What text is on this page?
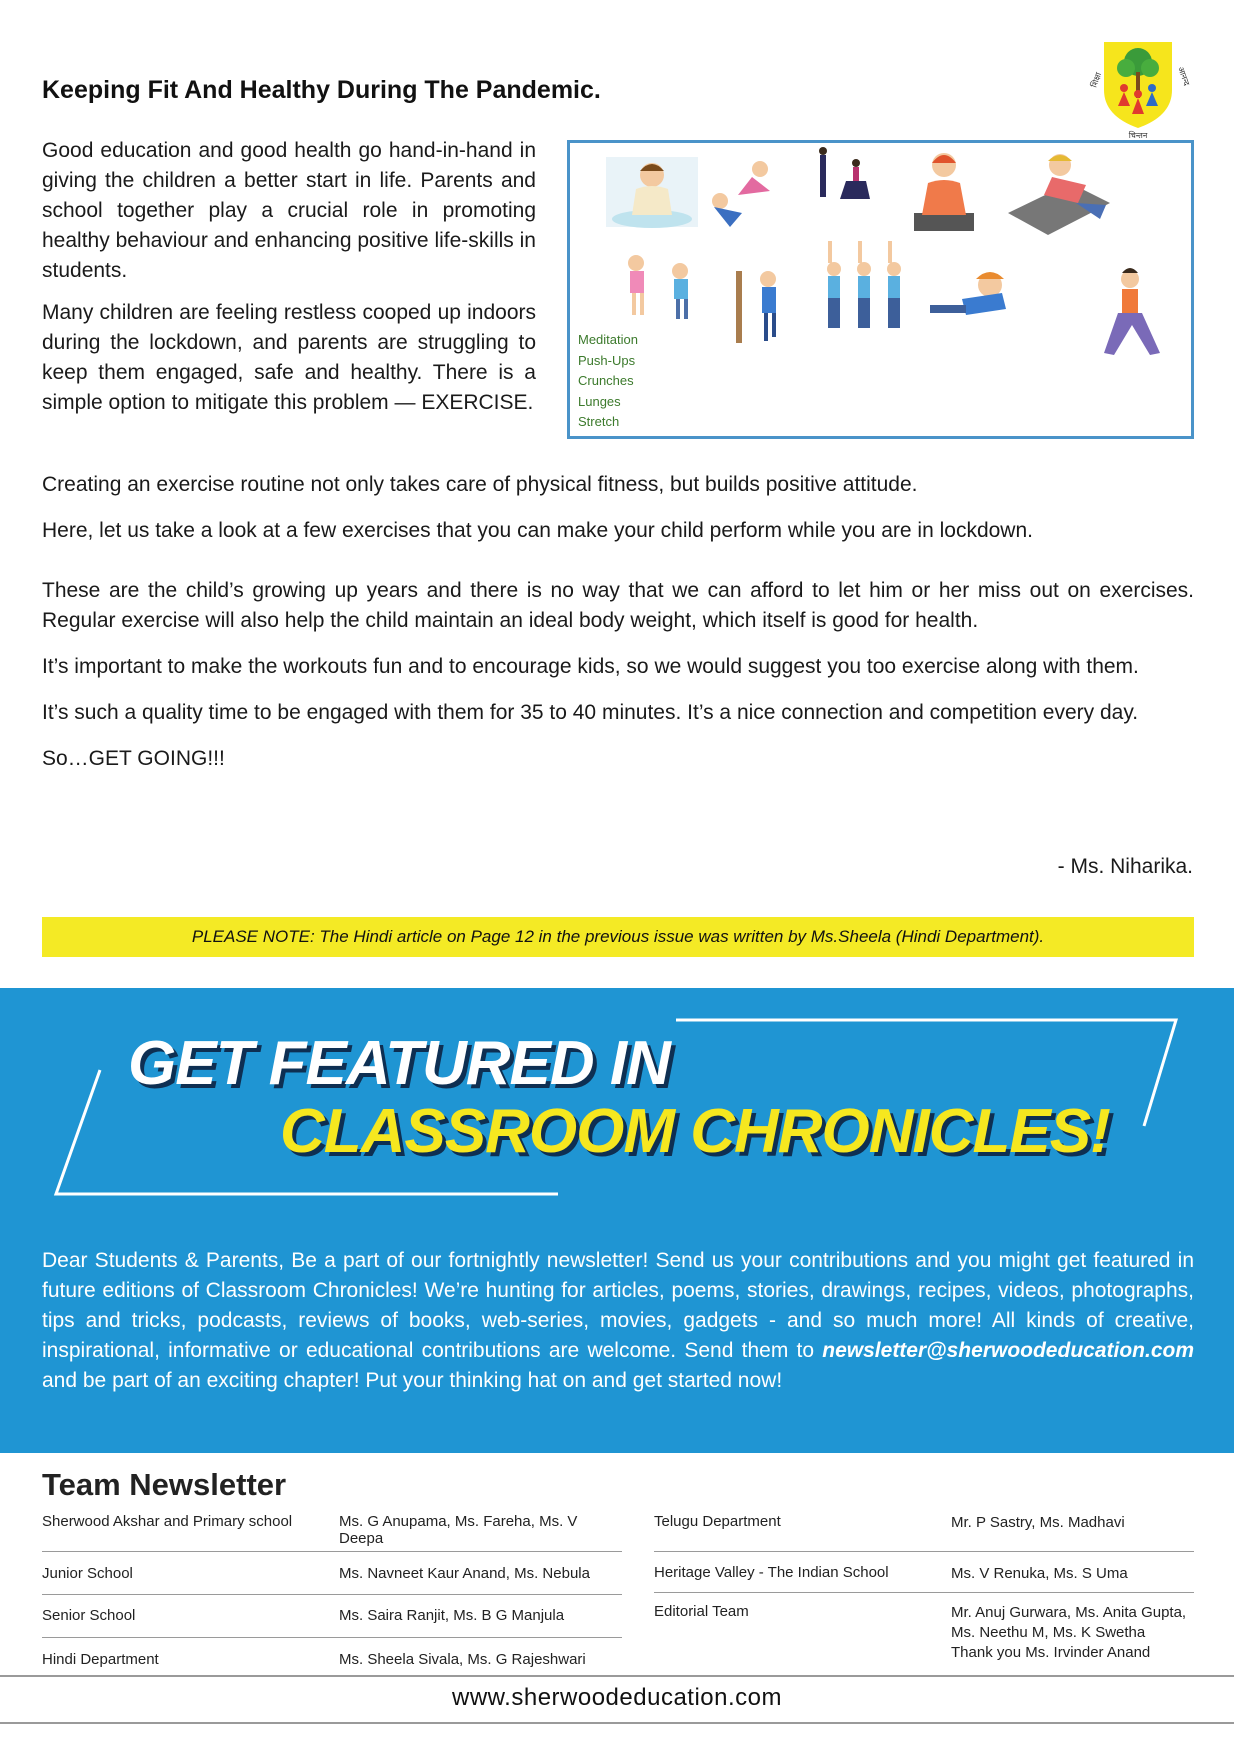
शिक्षा	आनन्द
चिन्तन
Keeping Fit And Healthy During The Pandemic.

Good education and good health go hand-in-hand in giving the children a better start in life. Parents and school together play a crucial role in promoting healthy behaviour and enhancing positive life-skills in students.

Many children are feeling restless cooped up indoors during the lockdown, and parents are struggling to keep them engaged, safe and healthy. There is a simple option to mitigate this problem — EXERCISE.

Meditation
Push-Ups
Crunches
Lunges
Stretch

Creating an exercise routine not only takes care of physical fitness, but builds positive attitude.

Here, let us take a look at a few exercises that you can make your child perform while you are in lockdown.

These are the child’s growing up years and there is no way that we can afford to let him or her miss out on exercises. Regular exercise will also help the child maintain an ideal body weight, which itself is good for health.

It’s important to make the workouts fun and to encourage kids, so we would suggest you too exercise along with them.

It’s such a quality time to be engaged with them for 35 to 40 minutes. It’s a nice connection and competition every day.

So…GET GOING!!!

- Ms. Niharika.
PLEASE NOTE: The Hindi article on Page 12 in the previous issue was written by Ms.Sheela (Hindi Department).
GET FEATURED IN
CLASSROOM CHRONICLES!

Dear Students & Parents, Be a part of our fortnightly newsletter! Send us your contributions and you might get featured in future editions of Classroom Chronicles! We’re hunting for articles, poems, stories, drawings, recipes, videos, photographs, tips and tricks, podcasts, reviews of books, web-series, movies, gadgets - and so much more! All kinds of creative, inspirational, informative or educational contributions are welcome. Send them to newsletter@sherwoodeducation.com and be part of an exciting chapter! Put your thinking hat on and get started now!

Team Newsletter
Sherwood Akshar and Primary school	Ms. G Anupama, Ms. Fareha, Ms. V Deepa
Junior School	Ms. Navneet Kaur Anand, Ms. Nebula
Senior School	Ms. Saira Ranjit, Ms. B G Manjula
Hindi Department	Ms. Sheela Sivala, Ms. G Rajeshwari
Telugu Department	Mr. P Sastry, Ms. Madhavi
Heritage Valley - The Indian School	Ms. V Renuka, Ms. S Uma
Editorial Team	Mr. Anuj Gurwara, Ms. Anita Gupta, Ms. Neethu M, Ms. K Swetha
Thank you Ms. Irvinder Anand
www.sherwoodeducation.com
